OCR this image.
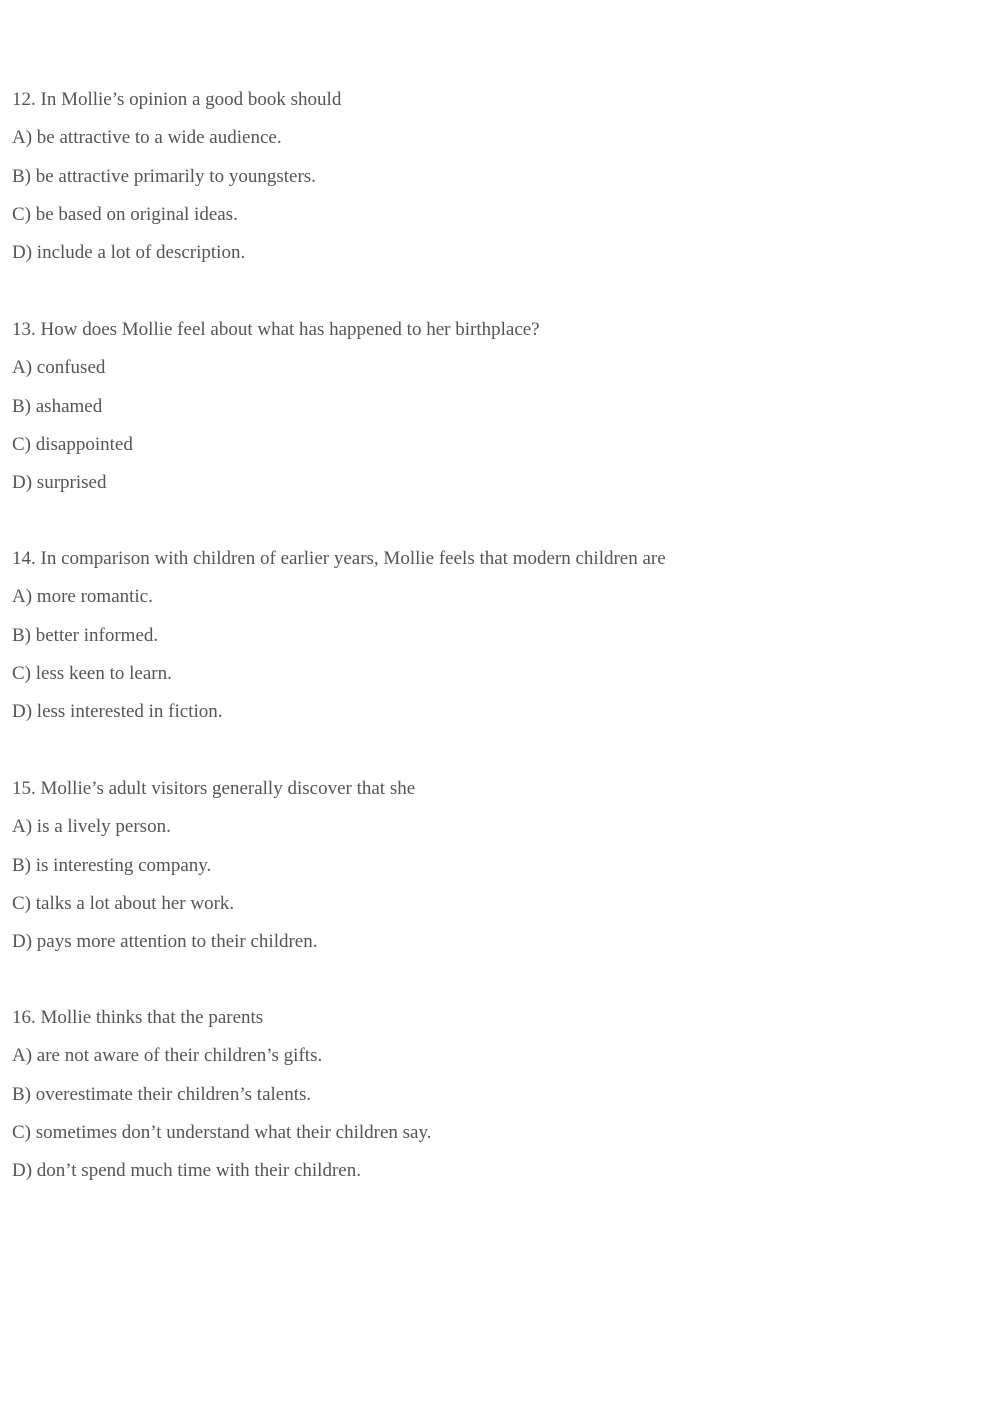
12. In Mollie’s opinion a good book should
A) be attractive to a wide audience.
B) be attractive primarily to youngsters.
C) be based on original ideas.
D) include a lot of description.
13. How does Mollie feel about what has happened to her birthplace?
A) confused
B) ashamed
C) disappointed
D) surprised
14. In comparison with children of earlier years, Mollie feels that modern children are
A) more romantic.
B) better informed.
C) less keen to learn.
D) less interested in fiction.
15. Mollie’s adult visitors generally discover that she
A) is a lively person.
B) is interesting company.
C) talks a lot about her work.
D) pays more attention to their children.
16. Mollie thinks that the parents
A) are not aware of their children’s gifts.
B) overestimate their children’s talents.
C) sometimes don’t understand what their children say.
D) don’t spend much time with their children.
